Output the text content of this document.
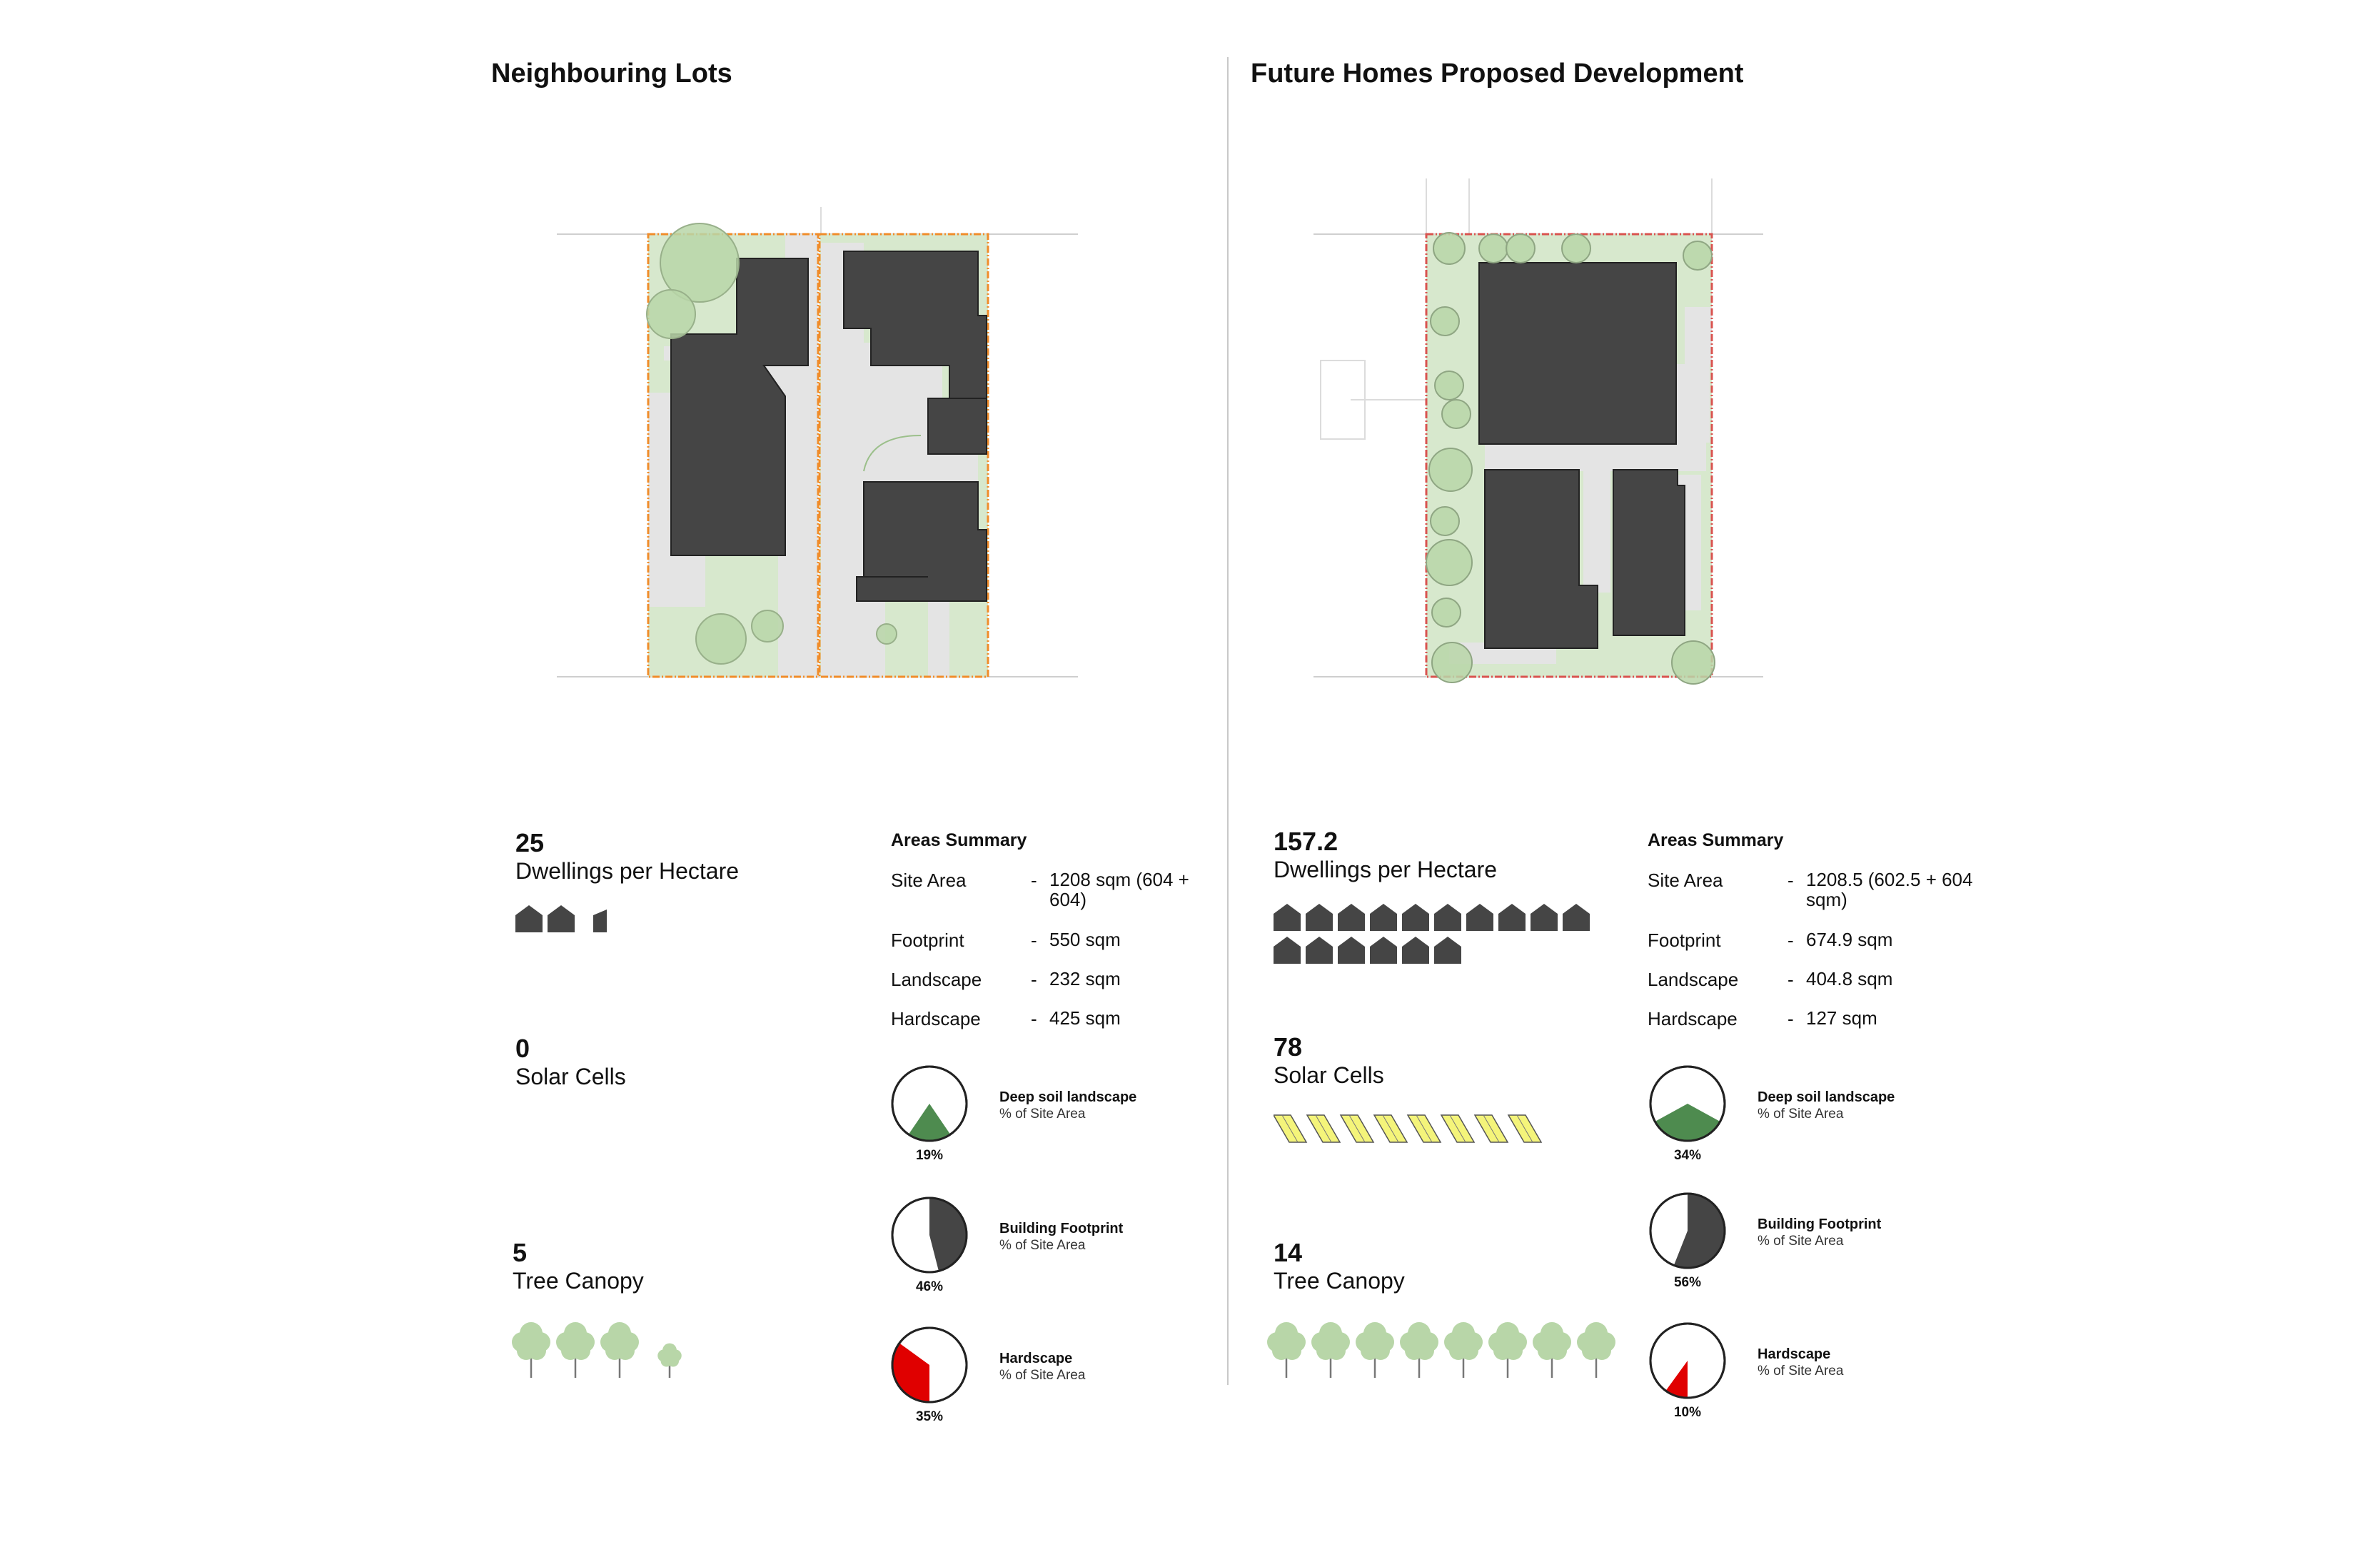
Neighbouring Lots	Future Homes Proposed Development
25
Dwellings per Hectare
0
Solar Cells
5
Tree Canopy
Areas Summary
Site Area	- 1208 sqm (604 + 604)
Footprint	- 550 sqm
Landscape	- 232 sqm
Hardscape	- 425 sqm
19%
Deep soil landscape
% of Site Area
46%
Building Footprint
% of Site Area
35%
Hardscape
% of Site Area
157.2
Dwellings per Hectare
78
Solar Cells
14
Tree Canopy
Areas Summary
Site Area	- 1208.5 (602.5 + 604 sqm)
Footprint	- 674.9 sqm
Landscape	- 404.8 sqm
Hardscape	- 127 sqm
34%
Deep soil landscape
% of Site Area
56%
Building Footprint
% of Site Area
10%
Hardscape
% of Site Area
